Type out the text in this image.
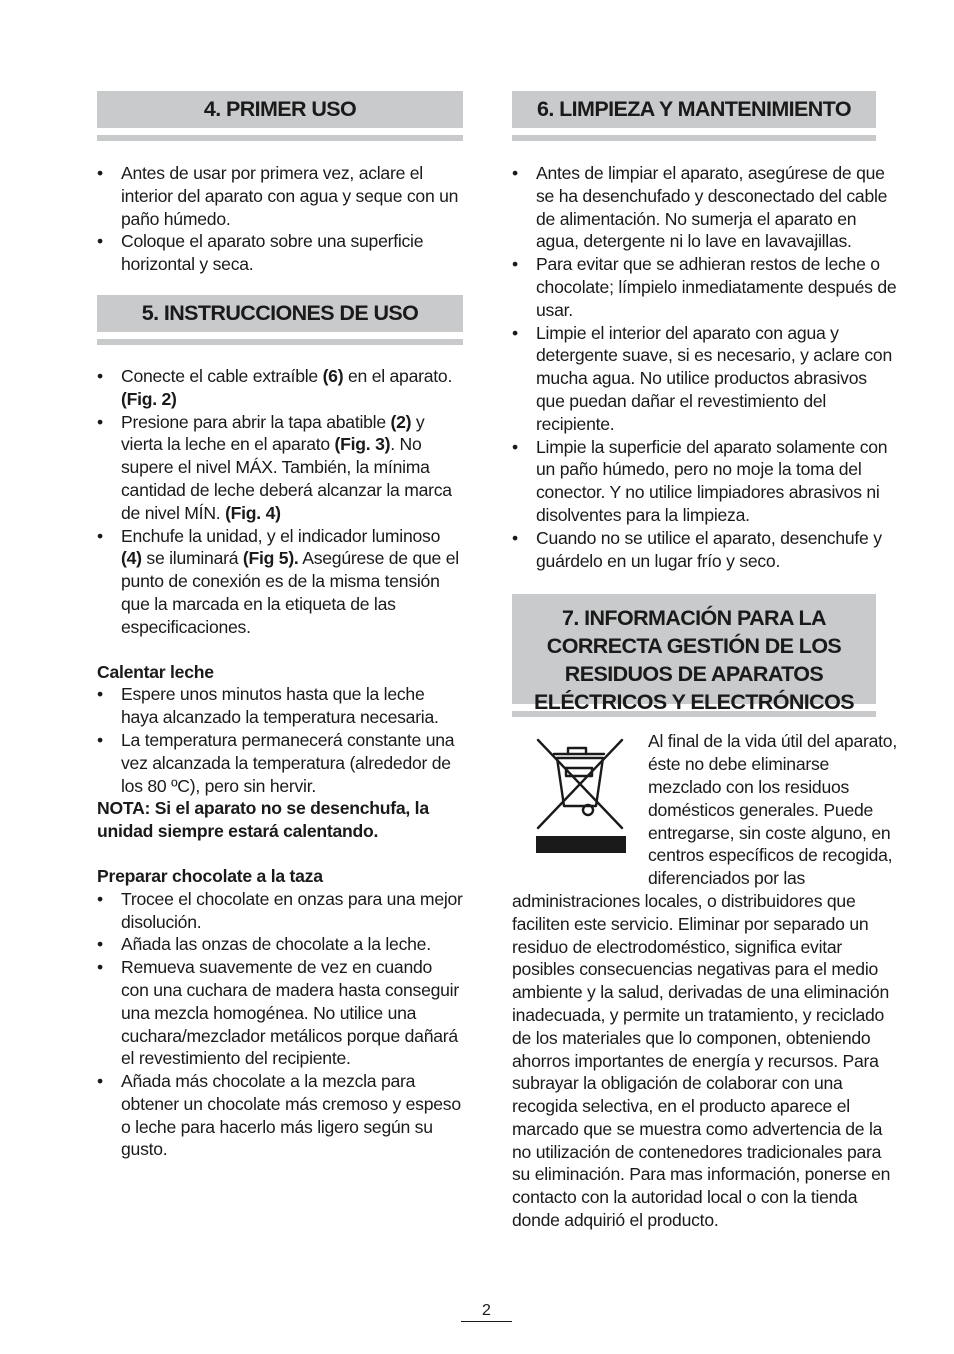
4. PRIMER USO
• Antes de usar por primera vez, aclare el interior del aparato con agua y seque con un paño húmedo.
• Coloque el aparato sobre una superficie horizontal y seca.
5. INSTRUCCIONES DE USO
• Conecte el cable extraíble (6) en el aparato. (Fig. 2)
• Presione para abrir la tapa abatible (2) y vierta la leche en el aparato (Fig. 3). No supere el nivel MÁX. También, la mínima cantidad de leche deberá alcanzar la marca de nivel MÍN. (Fig. 4)
• Enchufe la unidad, y el indicador luminoso (4) se iluminará (Fig 5). Asegúrese de que el punto de conexión es de la misma tensión que la marcada en la etiqueta de las especificaciones.
Calentar leche
• Espere unos minutos hasta que la leche haya alcanzado la temperatura necesaria.
• La temperatura permanecerá constante una vez alcanzada la temperatura (alrededor de los 80 ºC), pero sin hervir.
NOTA: Si el aparato no se desenchufa, la unidad siempre estará calentando.
Preparar chocolate a la taza
• Trocee el chocolate en onzas para una mejor disolución.
• Añada las onzas de chocolate a la leche.
• Remueva suavemente de vez en cuando con una cuchara de madera hasta conseguir una mezcla homogénea. No utilice una cuchara/mezclador metálicos porque dañará el revestimiento del recipiente.
• Añada más chocolate a la mezcla para obtener un chocolate más cremoso y espeso o leche para hacerlo más ligero según su gusto.
6. LIMPIEZA Y MANTENIMIENTO
• Antes de limpiar el aparato, asegúrese de que se ha desenchufado y desconectado del cable de alimentación. No sumerja el aparato en agua, detergente ni lo lave en lavavajillas.
• Para evitar que se adhieran restos de leche o chocolate; límpielo inmediatamente después de usar.
• Limpie el interior del aparato con agua y detergente suave, si es necesario, y aclare con mucha agua. No utilice productos abrasivos que puedan dañar el revestimiento del recipiente.
• Limpie la superficie del aparato solamente con un paño húmedo, pero no moje la toma del conector. Y no utilice limpiadores abrasivos ni disolventes para la limpieza.
• Cuando no se utilice el aparato, desenchufe y guárdelo en un lugar frío y seco.
7. INFORMACIÓN PARA LA
CORRECTA GESTIÓN DE LOS
RESIDUOS DE APARATOS
ELÉCTRICOS Y ELECTRÓNICOS
Al final de la vida útil del aparato, éste no debe eliminarse mezclado con los residuos domésticos generales. Puede entregarse, sin coste alguno, en centros específicos de recogida, diferenciados por las administraciones locales, o distribuidores que faciliten este servicio. Eliminar por separado un residuo de electrodoméstico, significa evitar posibles consecuencias negativas para el medio ambiente y la salud, derivadas de una eliminación inadecuada, y permite un tratamiento, y reciclado de los materiales que lo componen, obteniendo ahorros importantes de energía y recursos. Para subrayar la obligación de colaborar con una recogida selectiva, en el producto aparece el marcado que se muestra como advertencia de la no utilización de contenedores tradicionales para su eliminación. Para mas información, ponerse en contacto con la autoridad local o con la tienda donde adquirió el producto.
2
